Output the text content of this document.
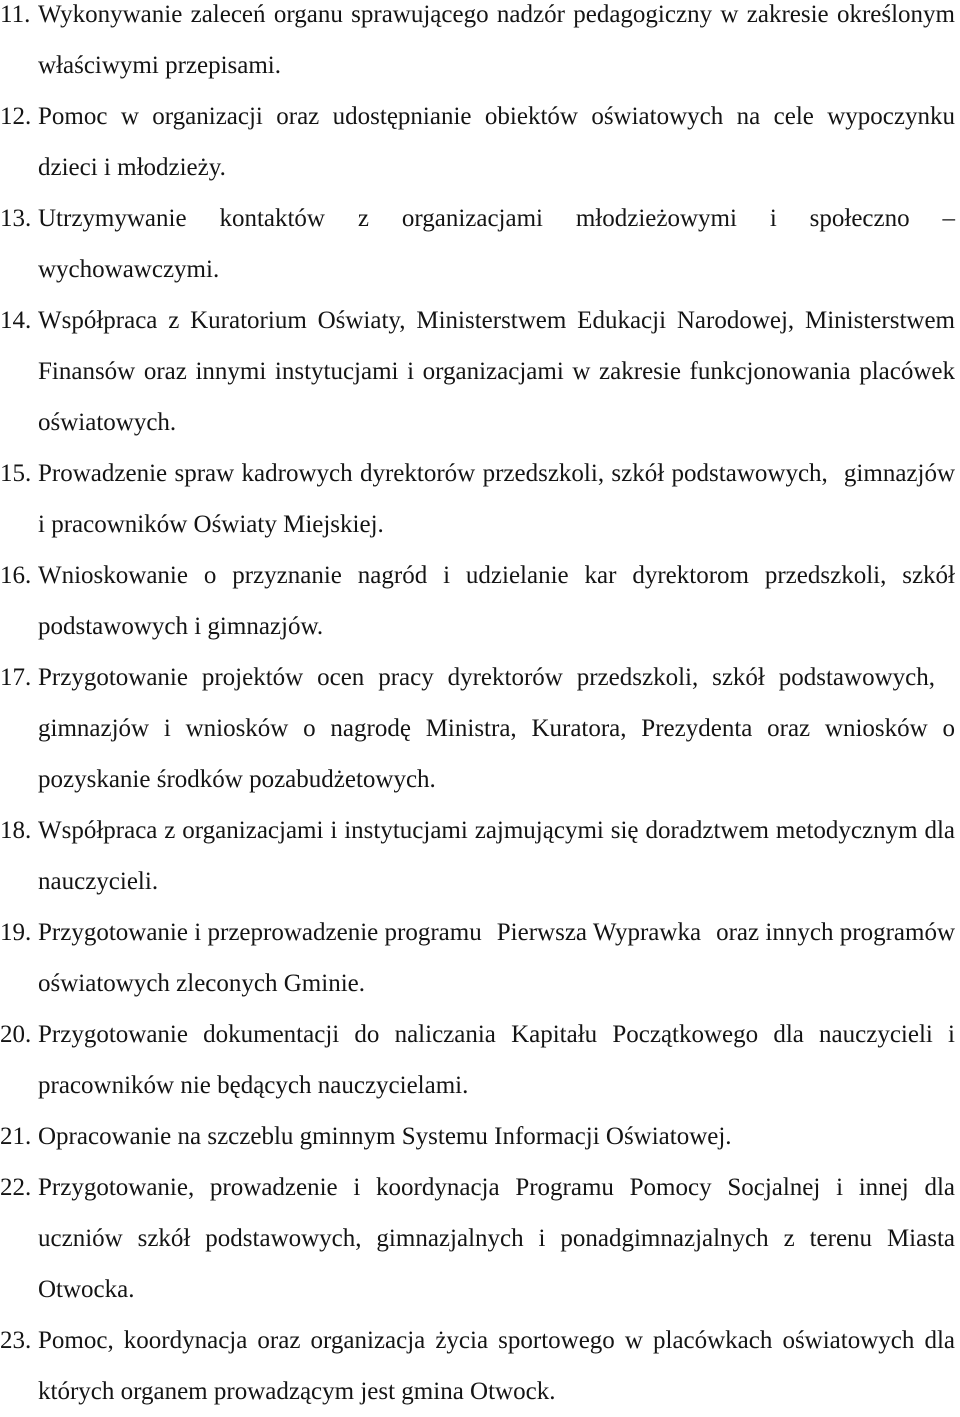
11. Wykonywanie zaleceń organu sprawującego nadzór pedagogiczny w zakresie określonym właściwymi przepisami.
12. Pomoc w organizacji oraz udostępnianie obiektów oświatowych na cele wypoczynku dzieci i młodzieży.
13. Utrzymywanie kontaktów z organizacjami młodzieżowymi i społeczno – wychowawczymi.
14. Współpraca z Kuratorium Oświaty, Ministerstwem Edukacji Narodowej, Ministerstwem Finansów oraz innymi instytucjami i organizacjami w zakresie funkcjonowania placówek oświatowych.
15. Prowadzenie spraw kadrowych dyrektorów przedszkoli, szkół podstawowych, gimnazjów i pracowników Oświaty Miejskiej.
16. Wnioskowanie o przyznanie nagród i udzielanie kar dyrektorom przedszkoli, szkół podstawowych i gimnazjów.
17. Przygotowanie projektów ocen pracy dyrektorów przedszkoli, szkół podstawowych, gimnazjów i wniosków o nagrodę Ministra, Kuratora, Prezydenta oraz wniosków o pozyskanie środków pozabudżetowych.
18. Współpraca z organizacjami i instytucjami zajmującymi się doradztwem metodycznym dla nauczycieli.
19. Przygotowanie i przeprowadzenie programu Pierwsza Wyprawka oraz innych programów oświatowych zleconych Gminie.
20. Przygotowanie dokumentacji do naliczania Kapitału Początkowego dla nauczycieli i pracowników nie będących nauczycielami.
21. Opracowanie na szczeblu gminnym Systemu Informacji Oświatowej.
22. Przygotowanie, prowadzenie i koordynacja Programu Pomocy Socjalnej i innej dla uczniów szkół podstawowych, gimnazjalnych i ponadgimnazjalnych z terenu Miasta Otwocka.
23. Pomoc, koordynacja oraz organizacja życia sportowego w placówkach oświatowych dla których organem prowadzącym jest gmina Otwock.
